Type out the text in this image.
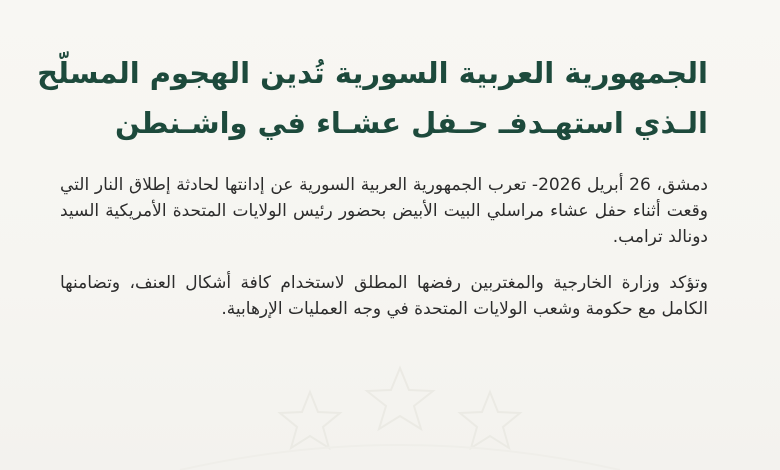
الجمهورية العربية السورية تُدين الهجوم المسلّح
الـذي استهـدفـ حـفل عشـاء في واشـنطن

دمشق، 26 أبريل 2026- تعرب الجمهورية العربية السورية عن إدانتها لحادثة إطلاق النار التي وقعت أثناء حفل عشاء مراسلي البيت الأبيض بحضور رئيس الولايات المتحدة الأمريكية السيد دونالد ترامب.

وتؤكد وزارة الخارجية والمغتربين رفضها المطلق لاستخدام كافة أشكال العنف، وتضامنها الكامل مع حكومة وشعب الولايات المتحدة في وجه العمليات الإرهابية.
